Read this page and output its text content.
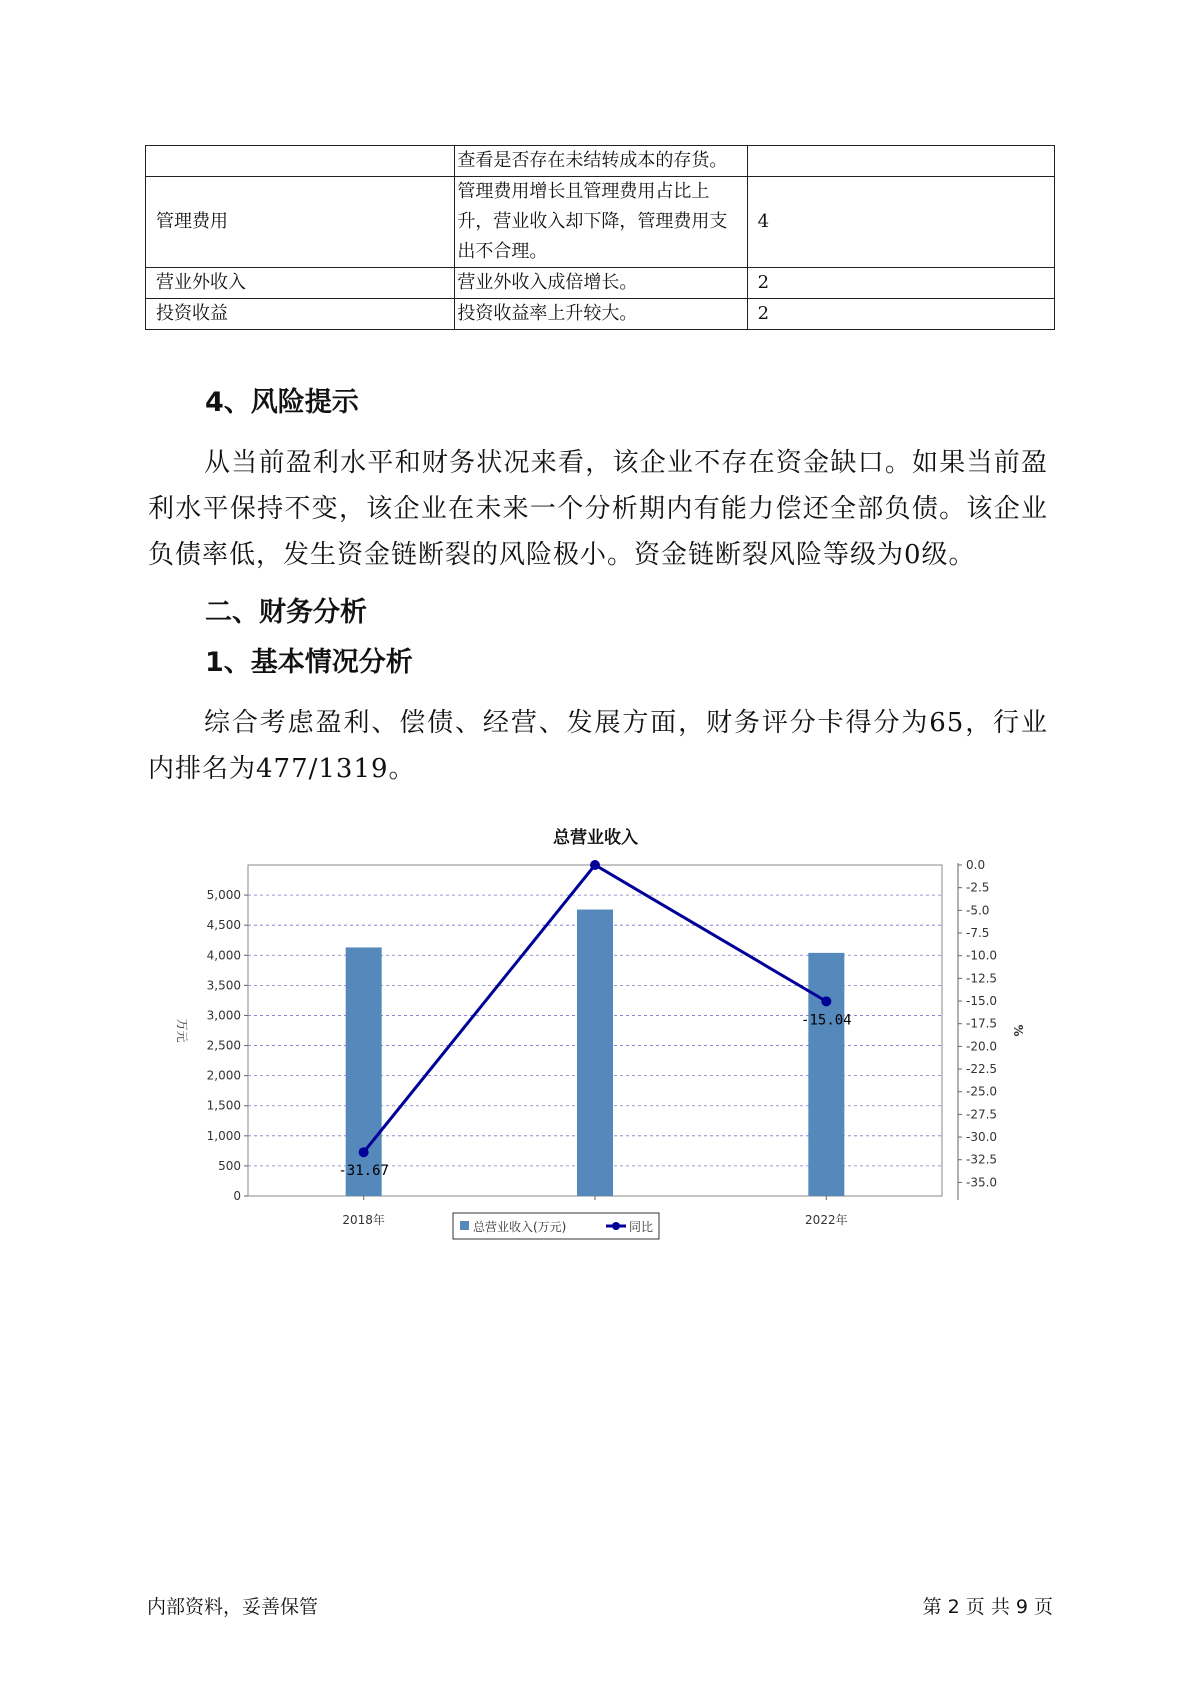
	查看是否存在未结转成本的存货。	
管理费用	管理费用增长且管理费用占比上升，营业收入却下降，管理费用支出不合理。	4
营业外收入	营业外收入成倍增长。	2
投资收益	投资收益率上升较大。	2
4、风险提示
从当前盈利水平和财务状况来看，该企业不存在资金缺口。如果当前盈利水平保持不变，该企业在未来一个分析期内有能力偿还全部负债。该企业负债率低，发生资金链断裂的风险极小。资金链断裂风险等级为0级。
二、财务分析
1、基本情况分析
综合考虑盈利、偿债、经营、发展方面，财务评分卡得分为65，行业内排名为477/1319。
总营业收入
0
500
1,000
1,500
2,000
2,500
3,000
3,500
4,000
4,500
5,000
0.0
-2.5
-5.0
-7.5
-10.0
-12.5
-15.0
-17.5
-20.0
-22.5
-25.0
-27.5
-30.0
-32.5
-35.0
万元	%
2018年	2022年
-31.67
-15.04
总营业收入(万元)	同比
内部资料，妥善保管	第 2 页 共 9 页
